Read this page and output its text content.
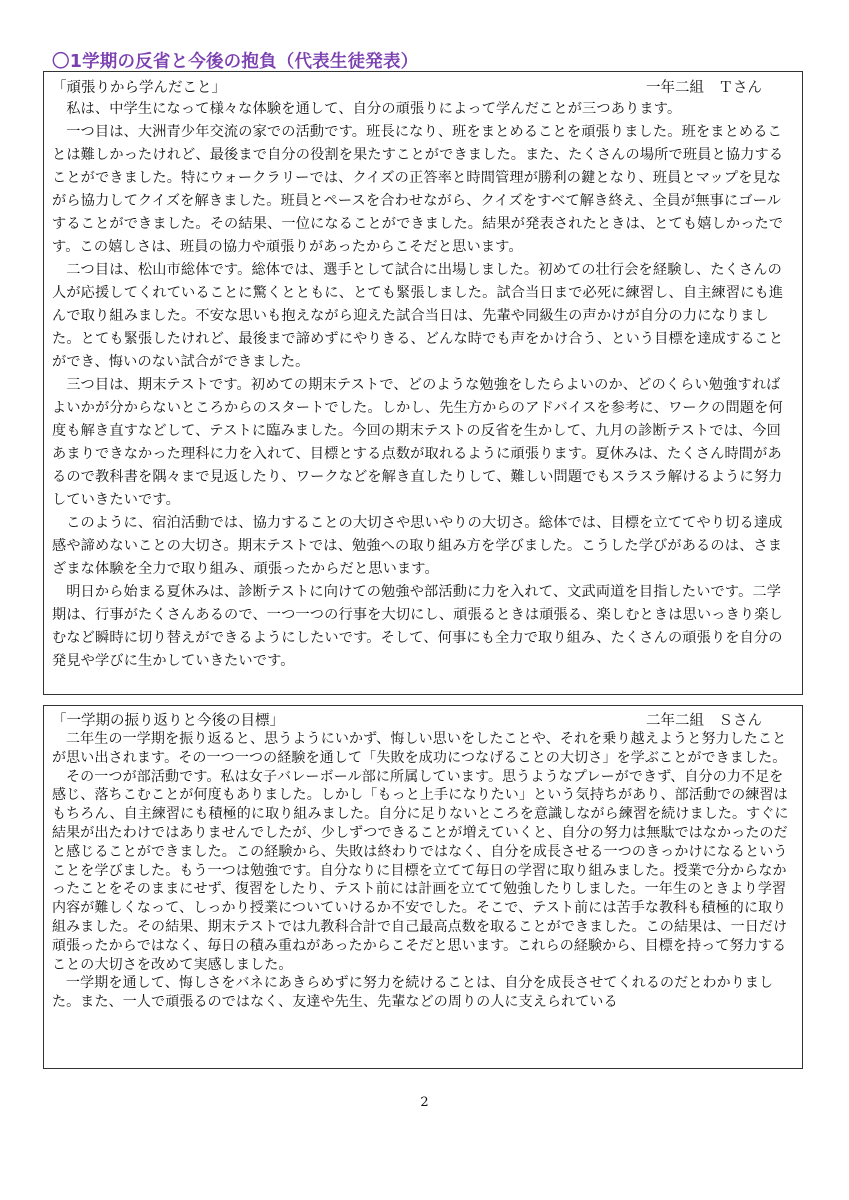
〇1学期の反省と今後の抱負（代表生徒発表）
「頑張りから学んだこと」	一年二組　Ｔさん

私は、中学生になって様々な体験を通して、自分の頑張りによって学んだことが三つあります。

一つ目は、大洲青少年交流の家での活動です。班長になり、班をまとめることを頑張りました。班をまとめることは難しかったけれど、最後まで自分の役割を果たすことができました。また、たくさんの場所で班員と協力することができました。特にウォークラリーでは、クイズの正答率と時間管理が勝利の鍵となり、班員とマップを見ながら協力してクイズを解きました。班員とペースを合わせながら、クイズをすべて解き終え、全員が無事にゴールすることができました。その結果、一位になることができました。結果が発表されたときは、とても嬉しかったです。この嬉しさは、班員の協力や頑張りがあったからこそだと思います。

二つ目は、松山市総体です。総体では、選手として試合に出場しました。初めての壮行会を経験し、たくさんの人が応援してくれていることに驚くとともに、とても緊張しました。試合当日まで必死に練習し、自主練習にも進んで取り組みました。不安な思いも抱えながら迎えた試合当日は、先輩や同級生の声かけが自分の力になりました。とても緊張したけれど、最後まで諦めずにやりきる、どんな時でも声をかけ合う、という目標を達成することができ、悔いのない試合ができました。

三つ目は、期末テストです。初めての期末テストで、どのような勉強をしたらよいのか、どのくらい勉強すればよいかが分からないところからのスタートでした。しかし、先生方からのアドバイスを参考に、ワークの問題を何度も解き直すなどして、テストに臨みました。今回の期末テストの反省を生かして、九月の診断テストでは、今回あまりできなかった理科に力を入れて、目標とする点数が取れるように頑張ります。夏休みは、たくさん時間があるので教科書を隅々まで見返したり、ワークなどを解き直したりして、難しい問題でもスラスラ解けるように努力していきたいです。

このように、宿泊活動では、協力することの大切さや思いやりの大切さ。総体では、目標を立ててやり切る達成感や諦めないことの大切さ。期末テストでは、勉強への取り組み方を学びました。こうした学びがあるのは、さまざまな体験を全力で取り組み、頑張ったからだと思います。

明日から始まる夏休みは、診断テストに向けての勉強や部活動に力を入れて、文武両道を目指したいです。二学期は、行事がたくさんあるので、一つ一つの行事を大切にし、頑張るときは頑張る、楽しむときは思いっきり楽しむなど瞬時に切り替えができるようにしたいです。そして、何事にも全力で取り組み、たくさんの頑張りを自分の発見や学びに生かしていきたいです。

「一学期の振り返りと今後の目標」	二年二組　Ｓさん

二年生の一学期を振り返ると、思うようにいかず、悔しい思いをしたことや、それを乗り越えようと努力したことが思い出されます。その一つ一つの経験を通して「失敗を成功につなげることの大切さ」を学ぶことができました。

その一つが部活動です。私は女子バレーボール部に所属しています。思うようなプレーができず、自分の力不足を感じ、落ちこむことが何度もありました。しかし「もっと上手になりたい」という気持ちがあり、部活動での練習はもちろん、自主練習にも積極的に取り組みました。自分に足りないところを意識しながら練習を続けました。すぐに結果が出たわけではありませんでしたが、少しずつできることが増えていくと、自分の努力は無駄ではなかったのだと感じることができました。この経験から、失敗は終わりではなく、自分を成長させる一つのきっかけになるということを学びました。もう一つは勉強です。自分なりに目標を立てて毎日の学習に取り組みました。授業で分からなかったことをそのままにせず、復習をしたり、テスト前には計画を立てて勉強したりしました。一年生のときより学習内容が難しくなって、しっかり授業についていけるか不安でした。そこで、テスト前には苦手な教科も積極的に取り組みました。その結果、期末テストでは九教科合計で自己最高点数を取ることができました。この結果は、一日だけ頑張ったからではなく、毎日の積み重ねがあったからこそだと思います。これらの経験から、目標を持って努力することの大切さを改めて実感しました。

一学期を通して、悔しさをバネにあきらめずに努力を続けることは、自分を成長させてくれるのだとわかりました。また、一人で頑張るのではなく、友達や先生、先輩などの周りの人に支えられている

2
